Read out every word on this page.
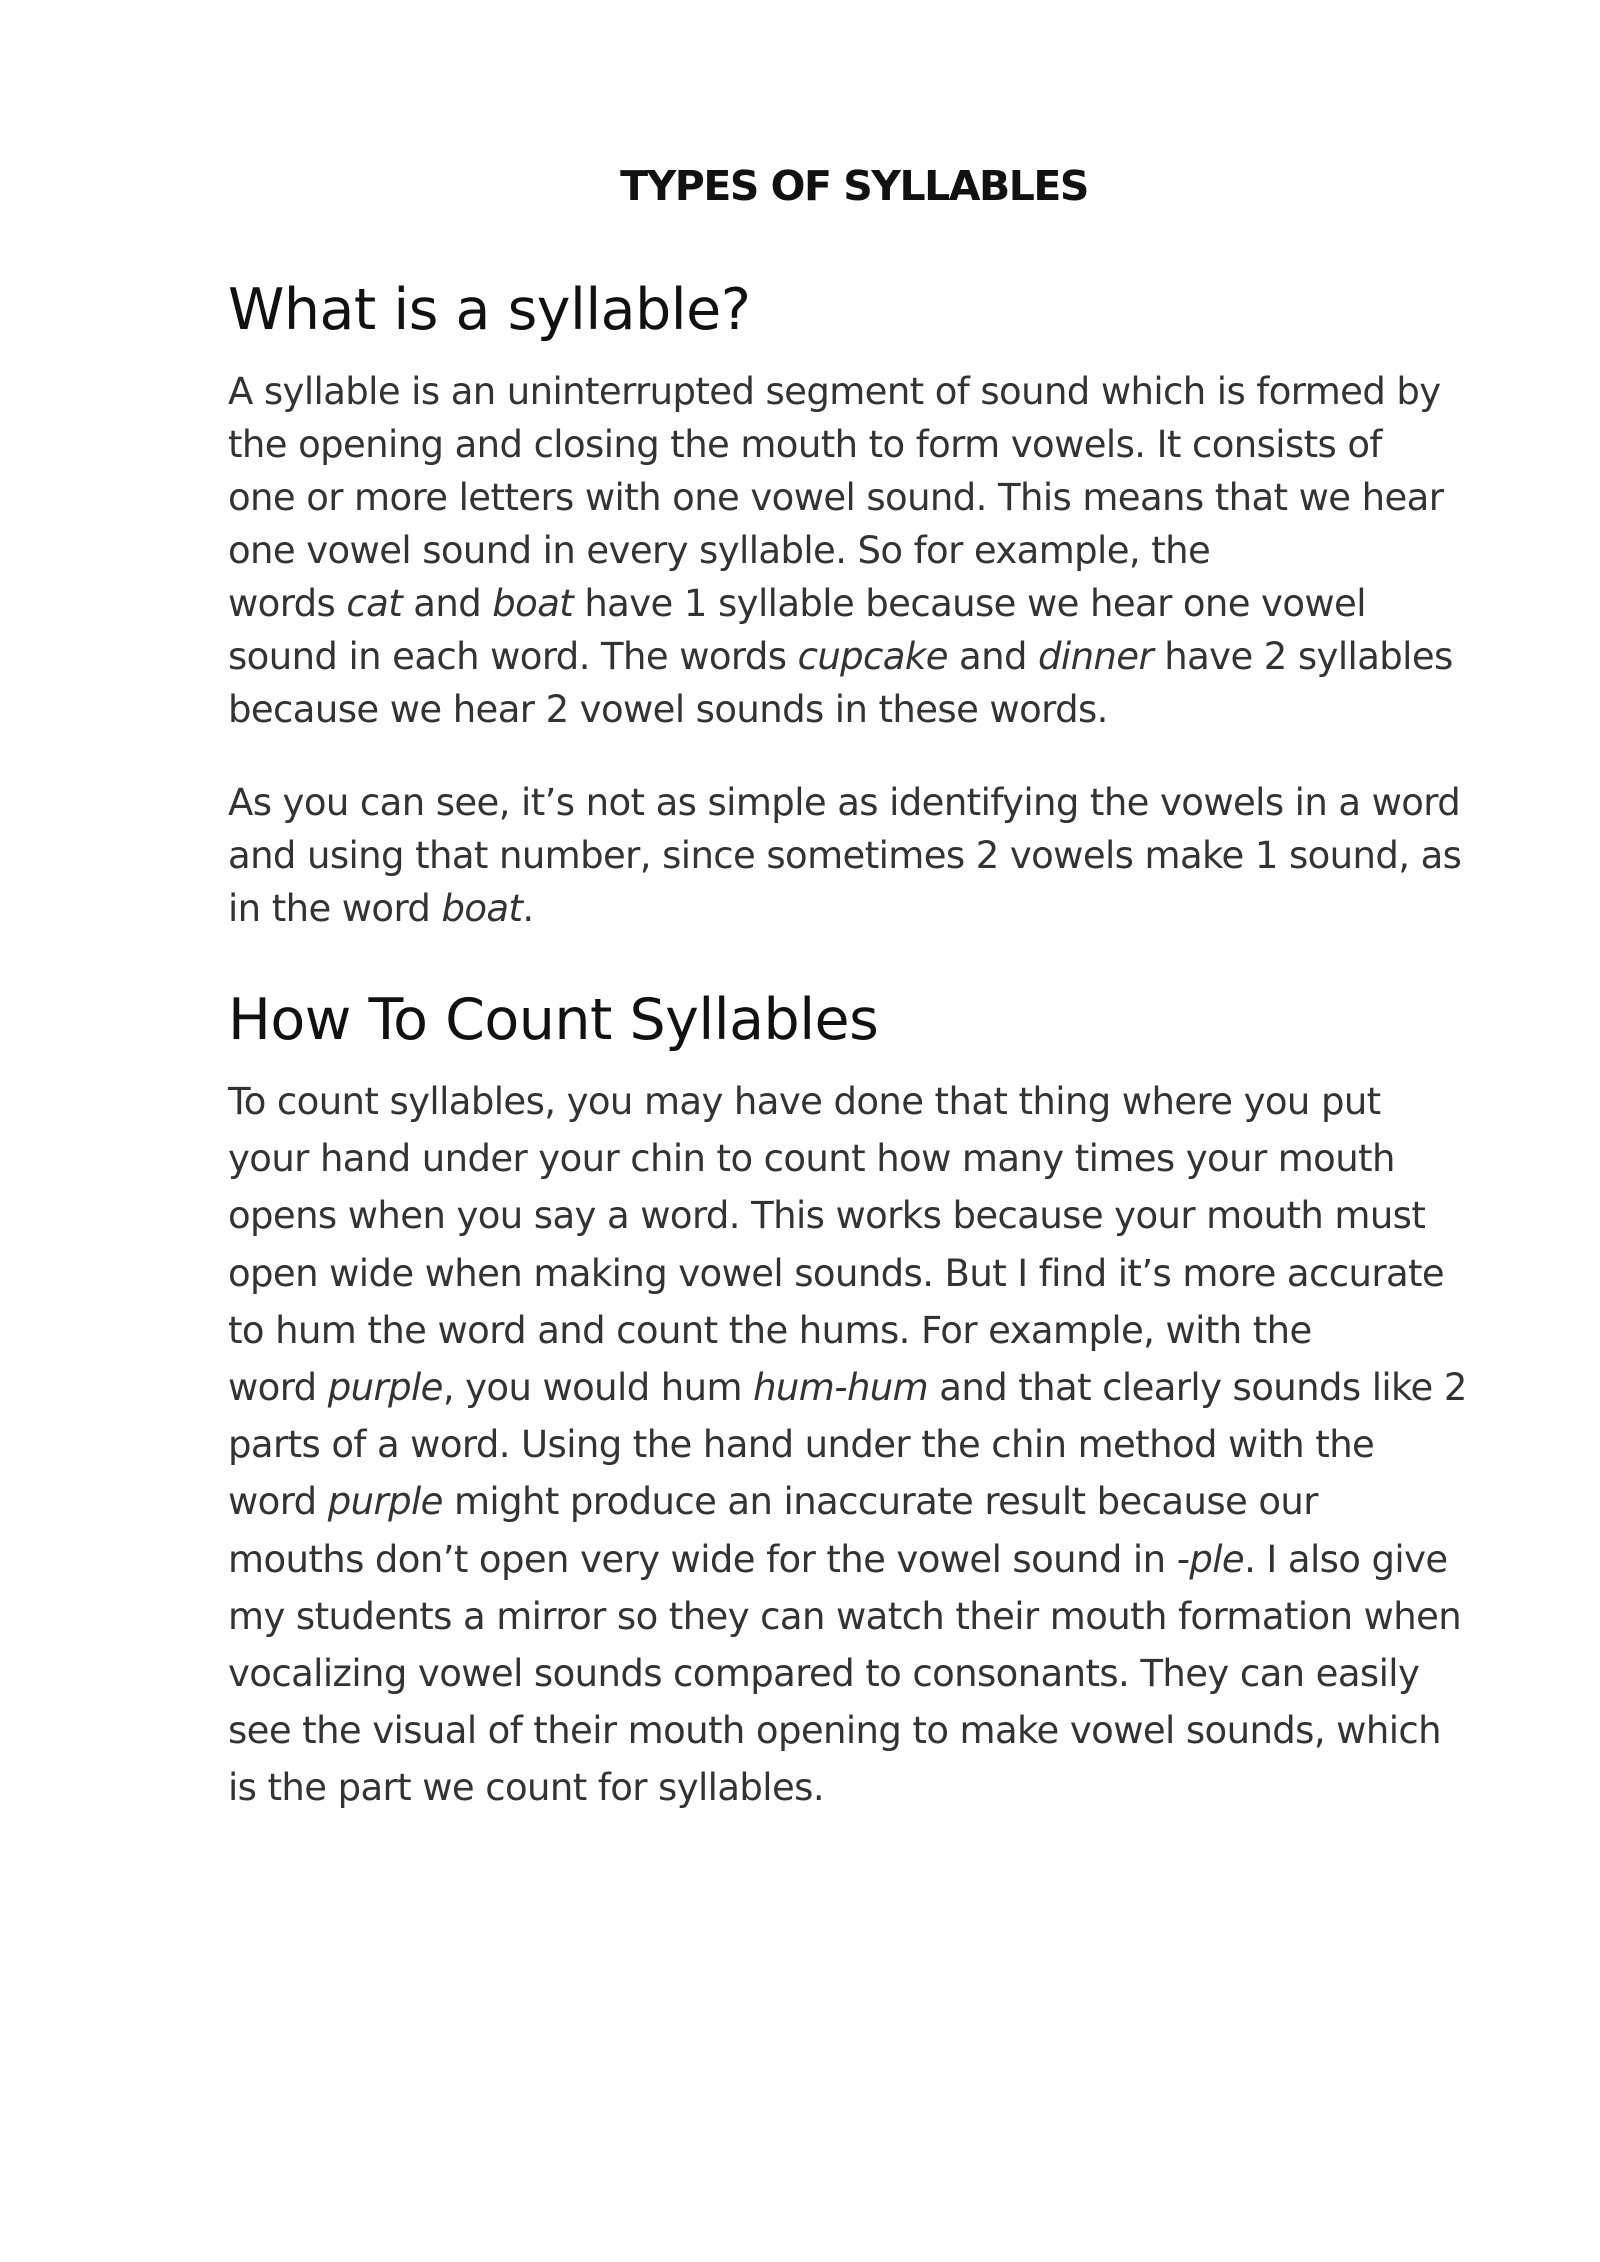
TYPES OF SYLLABLES
What is a syllable?

A syllable is an uninterrupted segment of sound which is formed by
the opening and closing the mouth to form vowels. It consists of
one or more letters with one vowel sound. This means that we hear
one vowel sound in every syllable. So for example, the
words cat and boat have 1 syllable because we hear one vowel
sound in each word. The words cupcake and dinner have 2 syllables
because we hear 2 vowel sounds in these words.

As you can see, it’s not as simple as identifying the vowels in a word
and using that number, since sometimes 2 vowels make 1 sound, as
in the word boat.

How To Count Syllables

To count syllables, you may have done that thing where you put
your hand under your chin to count how many times your mouth
opens when you say a word. This works because your mouth must
open wide when making vowel sounds. But I find it’s more accurate
to hum the word and count the hums. For example, with the
word purple, you would hum hum-hum and that clearly sounds like 2
parts of a word. Using the hand under the chin method with the
word purple might produce an inaccurate result because our
mouths don’t open very wide for the vowel sound in -ple. I also give
my students a mirror so they can watch their mouth formation when
vocalizing vowel sounds compared to consonants. They can easily
see the visual of their mouth opening to make vowel sounds, which
is the part we count for syllables.
